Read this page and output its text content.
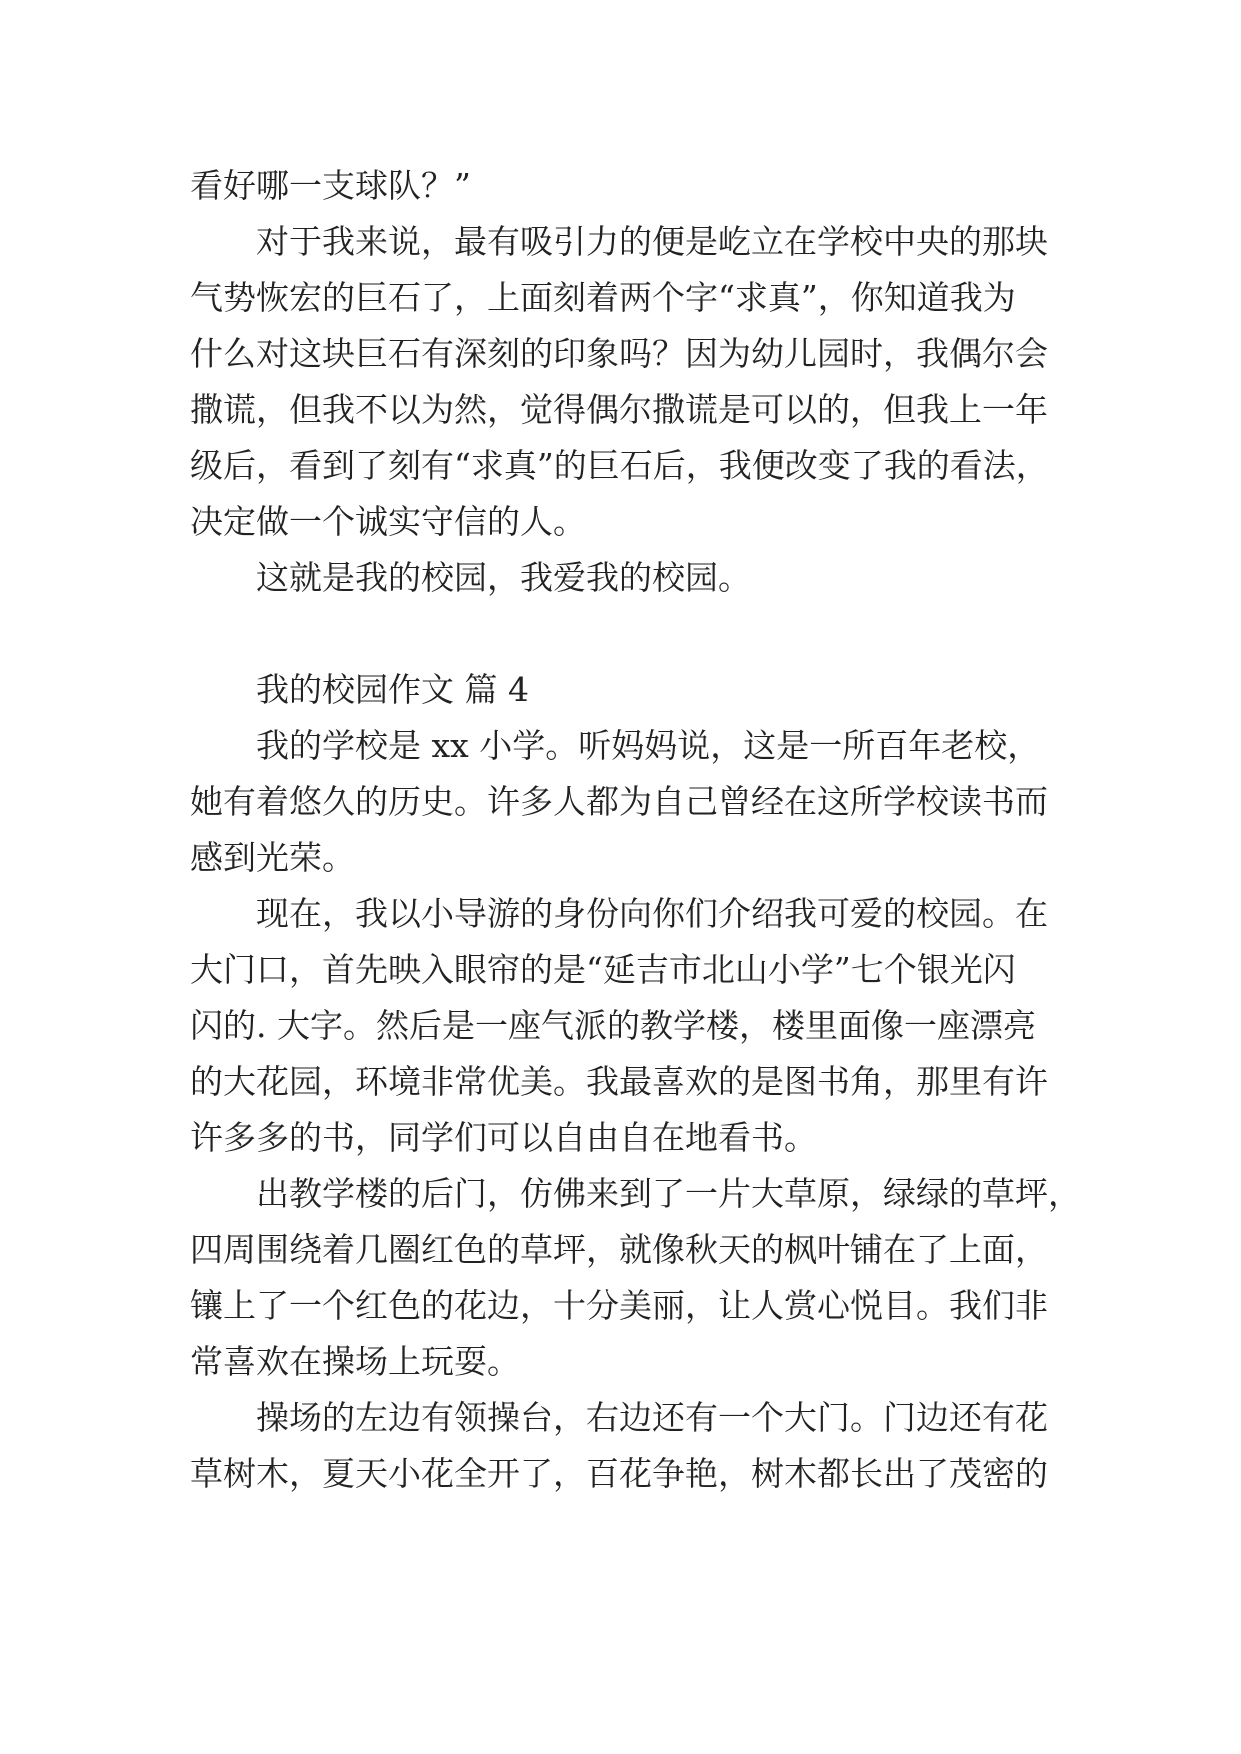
看好哪一支球队？”
对于我来说，最有吸引力的便是屹立在学校中央的那块
气势恢宏的巨石了，上面刻着两个字“求真”，你知道我为
什么对这块巨石有深刻的印象吗？因为幼儿园时，我偶尔会
撒谎，但我不以为然，觉得偶尔撒谎是可以的，但我上一年
级后，看到了刻有“求真”的巨石后，我便改变了我的看法，
决定做一个诚实守信的人。
这就是我的校园，我爱我的校园。
我的校园作文 篇 4
我的学校是 xx 小学。听妈妈说，这是一所百年老校，
她有着悠久的历史。许多人都为自己曾经在这所学校读书而
感到光荣。
现在，我以小导游的身份向你们介绍我可爱的校园。在
大门口，首先映入眼帘的是“延吉市北山小学”七个银光闪
闪的. 大字。然后是一座气派的教学楼，楼里面像一座漂亮
的大花园，环境非常优美。我最喜欢的是图书角，那里有许
许多多的书，同学们可以自由自在地看书。
出教学楼的后门，仿佛来到了一片大草原，绿绿的草坪，
四周围绕着几圈红色的草坪，就像秋天的枫叶铺在了上面，
镶上了一个红色的花边，十分美丽，让人赏心悦目。我们非
常喜欢在操场上玩耍。
操场的左边有领操台，右边还有一个大门。门边还有花
草树木，夏天小花全开了，百花争艳，树木都长出了茂密的
